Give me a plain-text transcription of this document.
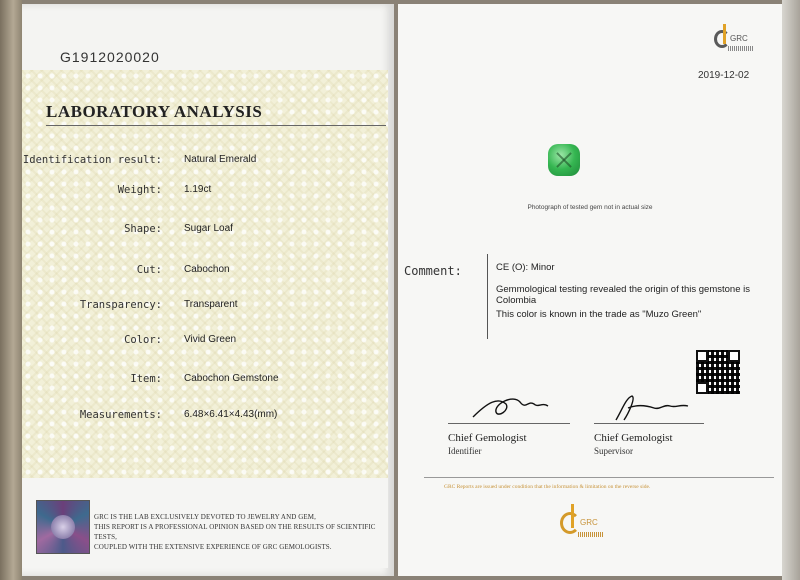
G1912020020
LABORATORY ANALYSIS
Identification result: Natural Emerald
Weight: 1.19ct
Shape: Sugar Loaf
Cut: Cabochon
Transparency: Transparent
Color: Vivid Green
Item: Cabochon Gemstone
Measurements: 6.48×6.41×4.43(mm)
GRC IS THE LAB EXCLUSIVELY DEVOTED TO JEWELRY AND GEM,
THIS REPORT IS A PROFESSIONAL OPINION BASED ON THE RESULTS OF SCIENTIFIC TESTS,
COUPLED WITH THE EXTENSIVE EXPERIENCE OF GRC GEMOLOGISTS.
GRC
2019-12-02
Photograph of tested gem not in actual size
Comment:	CE (O): Minor
Gemmological testing revealed the origin of this gemstone is
Colombia
This color is known in the trade as "Muzo Green"
Chief Gemologist
Identifier
Chief Gemologist
Supervisor
GRC Reports are issued under condition that the information & limitation on the reverse side.
GRC
